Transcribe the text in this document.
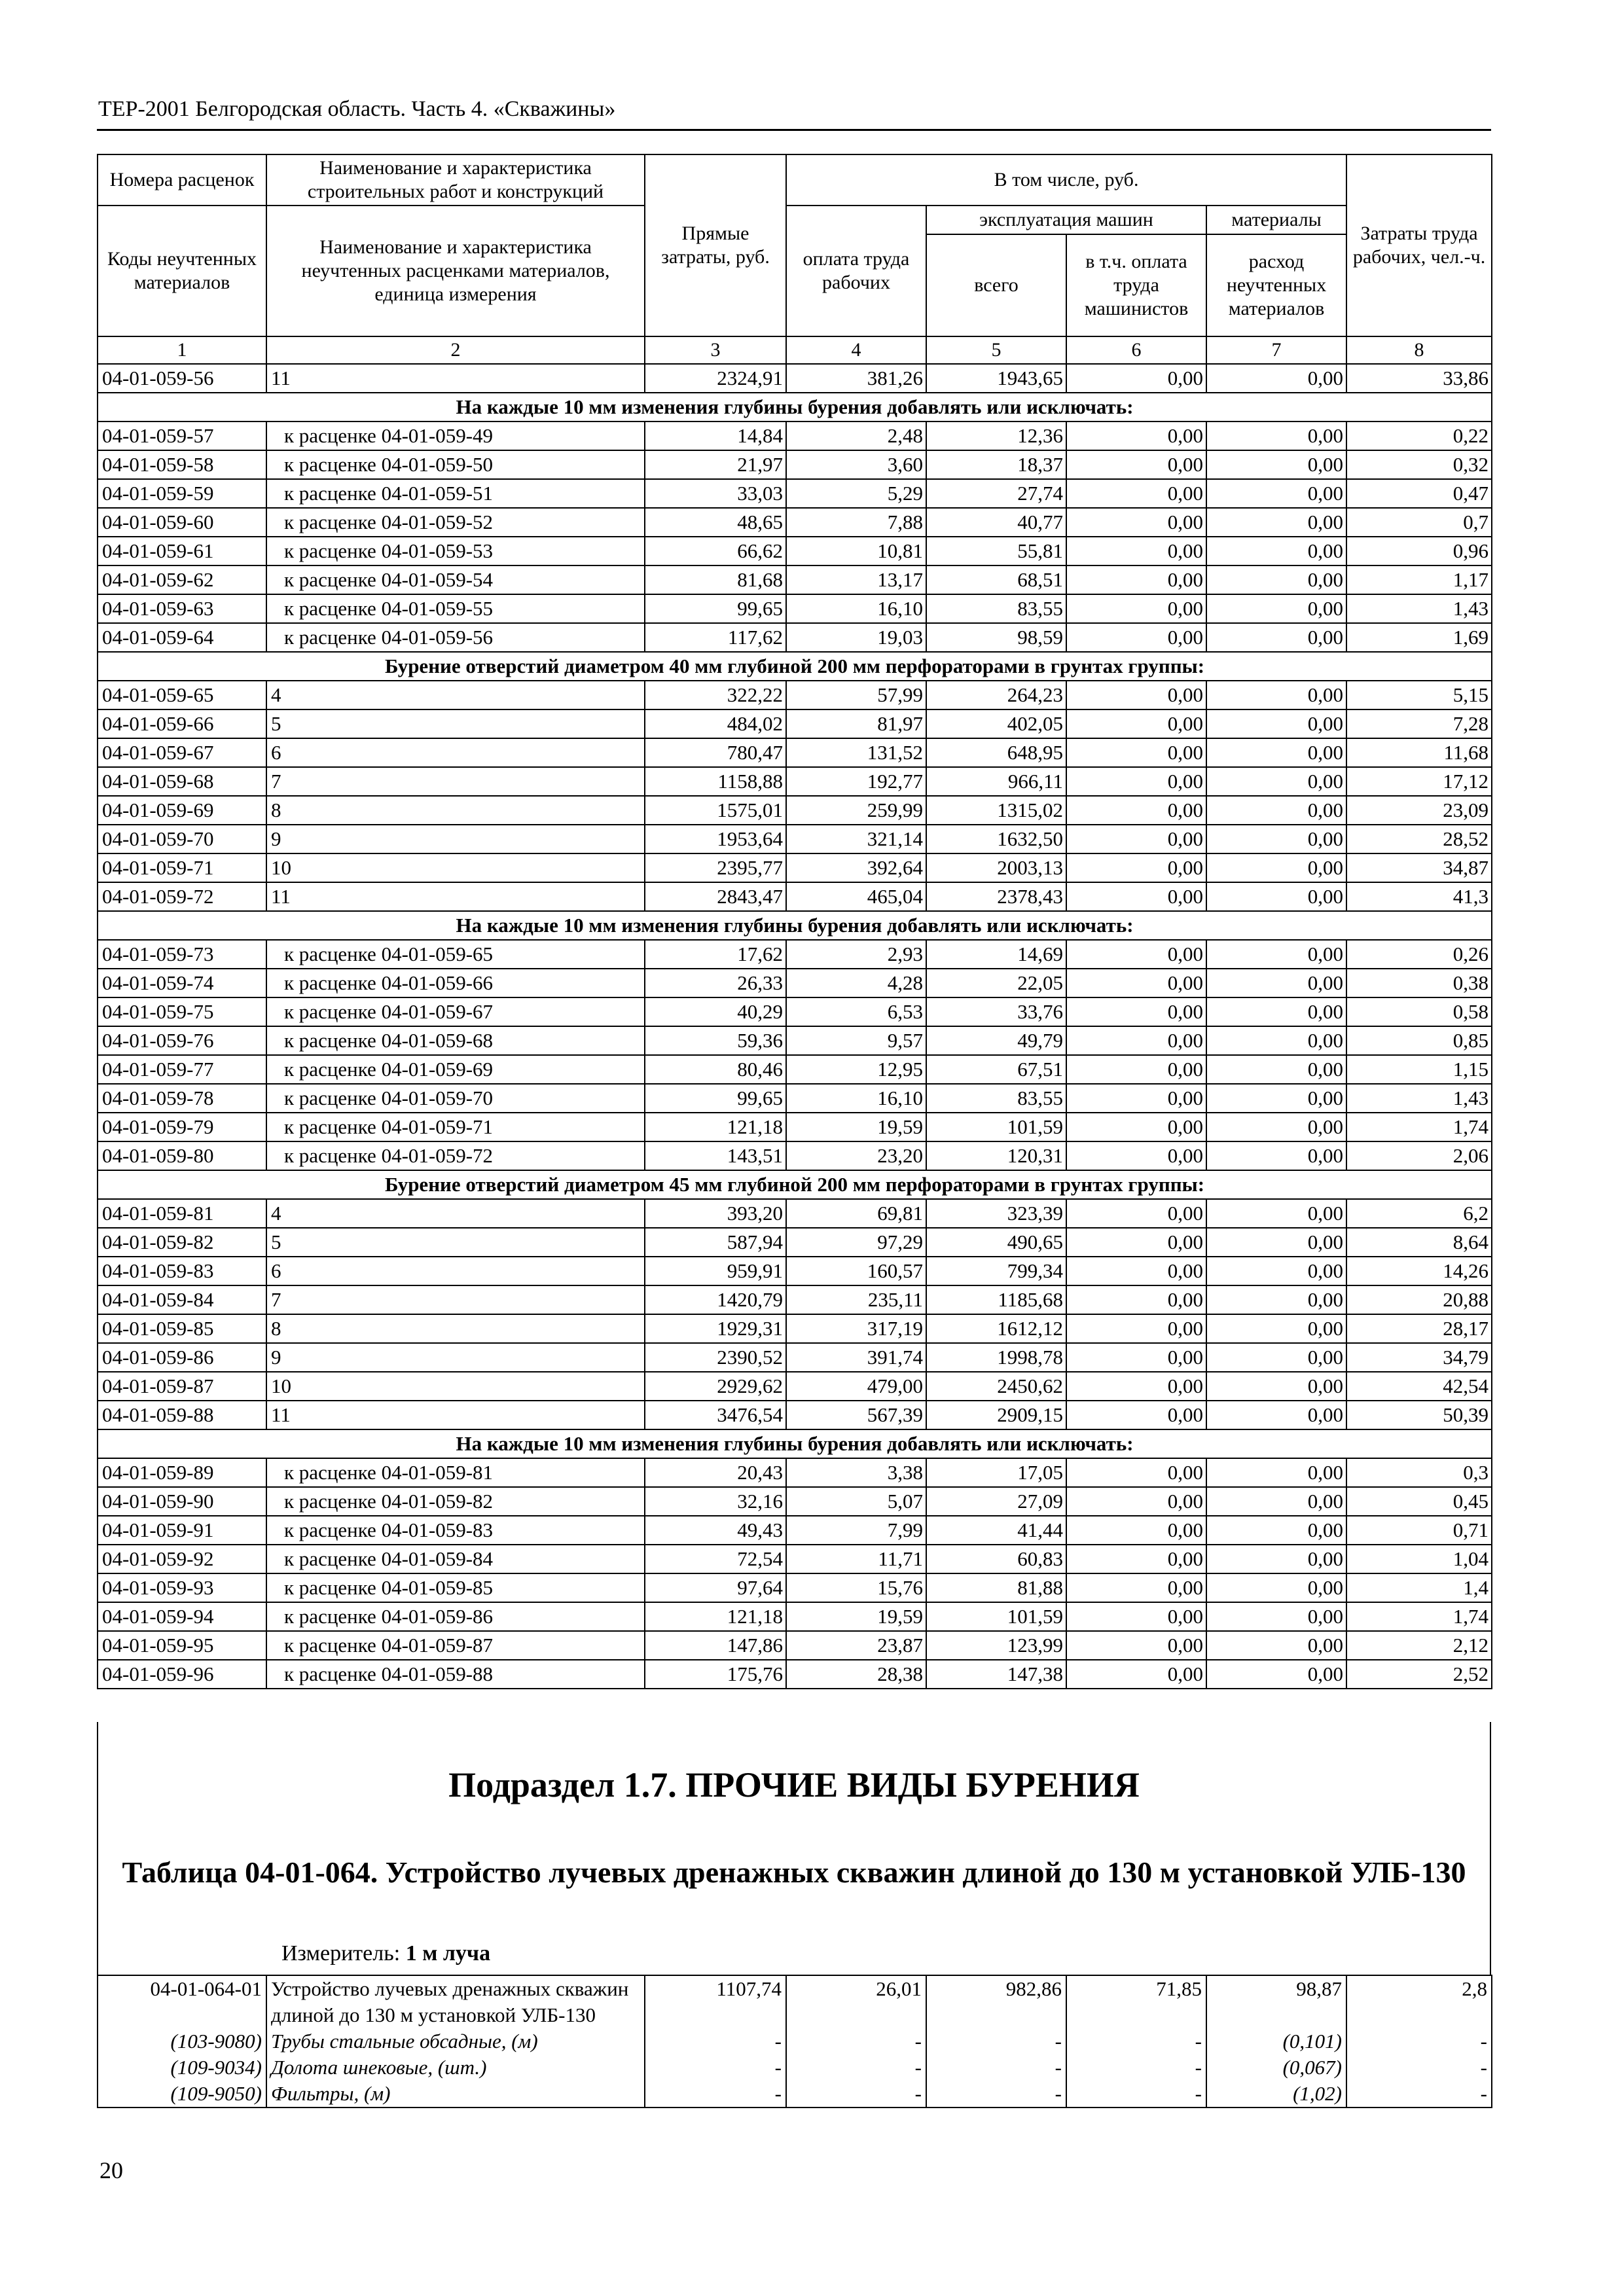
ТЕР-2001 Белгородская область. Часть 4. «Скважины»
Номера расценок	Наименование и характеристика строительных работ и конструкций	Прямые затраты, руб.	В том числе, руб.				Затраты труда рабочих, чел.-ч.
Коды неучтенных материалов	Наименование и характеристика неучтенных расценками материалов, единица измерения		оплата труда рабочих	эксплуатация машин		материалы	
				всего	в т.ч. оплата труда машинистов	расход неучтенных материалов	
1	2	3	4	5	6	7	8
04-01-059-56	11	2324,91	381,26	1943,65	0,00	0,00	33,86
На каждые 10 мм изменения глубины бурения добавлять или исключать:							
04-01-059-57	к расценке 04-01-059-49	14,84	2,48	12,36	0,00	0,00	0,22
04-01-059-58	к расценке 04-01-059-50	21,97	3,60	18,37	0,00	0,00	0,32
04-01-059-59	к расценке 04-01-059-51	33,03	5,29	27,74	0,00	0,00	0,47
04-01-059-60	к расценке 04-01-059-52	48,65	7,88	40,77	0,00	0,00	0,7
04-01-059-61	к расценке 04-01-059-53	66,62	10,81	55,81	0,00	0,00	0,96
04-01-059-62	к расценке 04-01-059-54	81,68	13,17	68,51	0,00	0,00	1,17
04-01-059-63	к расценке 04-01-059-55	99,65	16,10	83,55	0,00	0,00	1,43
04-01-059-64	к расценке 04-01-059-56	117,62	19,03	98,59	0,00	0,00	1,69
Бурение отверстий диаметром 40 мм глубиной 200 мм перфораторами в грунтах группы:							
04-01-059-65	4	322,22	57,99	264,23	0,00	0,00	5,15
04-01-059-66	5	484,02	81,97	402,05	0,00	0,00	7,28
04-01-059-67	6	780,47	131,52	648,95	0,00	0,00	11,68
04-01-059-68	7	1158,88	192,77	966,11	0,00	0,00	17,12
04-01-059-69	8	1575,01	259,99	1315,02	0,00	0,00	23,09
04-01-059-70	9	1953,64	321,14	1632,50	0,00	0,00	28,52
04-01-059-71	10	2395,77	392,64	2003,13	0,00	0,00	34,87
04-01-059-72	11	2843,47	465,04	2378,43	0,00	0,00	41,3
На каждые 10 мм изменения глубины бурения добавлять или исключать:							
04-01-059-73	к расценке 04-01-059-65	17,62	2,93	14,69	0,00	0,00	0,26
04-01-059-74	к расценке 04-01-059-66	26,33	4,28	22,05	0,00	0,00	0,38
04-01-059-75	к расценке 04-01-059-67	40,29	6,53	33,76	0,00	0,00	0,58
04-01-059-76	к расценке 04-01-059-68	59,36	9,57	49,79	0,00	0,00	0,85
04-01-059-77	к расценке 04-01-059-69	80,46	12,95	67,51	0,00	0,00	1,15
04-01-059-78	к расценке 04-01-059-70	99,65	16,10	83,55	0,00	0,00	1,43
04-01-059-79	к расценке 04-01-059-71	121,18	19,59	101,59	0,00	0,00	1,74
04-01-059-80	к расценке 04-01-059-72	143,51	23,20	120,31	0,00	0,00	2,06
Бурение отверстий диаметром 45 мм глубиной 200 мм перфораторами в грунтах группы:							
04-01-059-81	4	393,20	69,81	323,39	0,00	0,00	6,2
04-01-059-82	5	587,94	97,29	490,65	0,00	0,00	8,64
04-01-059-83	6	959,91	160,57	799,34	0,00	0,00	14,26
04-01-059-84	7	1420,79	235,11	1185,68	0,00	0,00	20,88
04-01-059-85	8	1929,31	317,19	1612,12	0,00	0,00	28,17
04-01-059-86	9	2390,52	391,74	1998,78	0,00	0,00	34,79
04-01-059-87	10	2929,62	479,00	2450,62	0,00	0,00	42,54
04-01-059-88	11	3476,54	567,39	2909,15	0,00	0,00	50,39
На каждые 10 мм изменения глубины бурения добавлять или исключать:							
04-01-059-89	к расценке 04-01-059-81	20,43	3,38	17,05	0,00	0,00	0,3
04-01-059-90	к расценке 04-01-059-82	32,16	5,07	27,09	0,00	0,00	0,45
04-01-059-91	к расценке 04-01-059-83	49,43	7,99	41,44	0,00	0,00	0,71
04-01-059-92	к расценке 04-01-059-84	72,54	11,71	60,83	0,00	0,00	1,04
04-01-059-93	к расценке 04-01-059-85	97,64	15,76	81,88	0,00	0,00	1,4
04-01-059-94	к расценке 04-01-059-86	121,18	19,59	101,59	0,00	0,00	1,74
04-01-059-95	к расценке 04-01-059-87	147,86	23,87	123,99	0,00	0,00	2,12
04-01-059-96	к расценке 04-01-059-88	175,76	28,38	147,38	0,00	0,00	2,52
Подраздел 1.7. ПРОЧИЕ ВИДЫ БУРЕНИЯ
Таблица 04-01-064. Устройство лучевых дренажных скважин длиной до 130 м установкой УЛБ-130
Измеритель: 1 м луча
04-01-064-01	Устройство лучевых дренажных скважин длиной до 130 м установкой УЛБ-130	1107,74	26,01	982,86	71,85	98,87	2,8
(103-9080)	Трубы стальные обсадные, (м)	-	-	-	-	(0,101)	-
(109-9034)	Долота шнековые, (шт.)	-	-	-	-	(0,067)	-
(109-9050)	Фильтры, (м)	-	-	-	-	(1,02)	-
20
